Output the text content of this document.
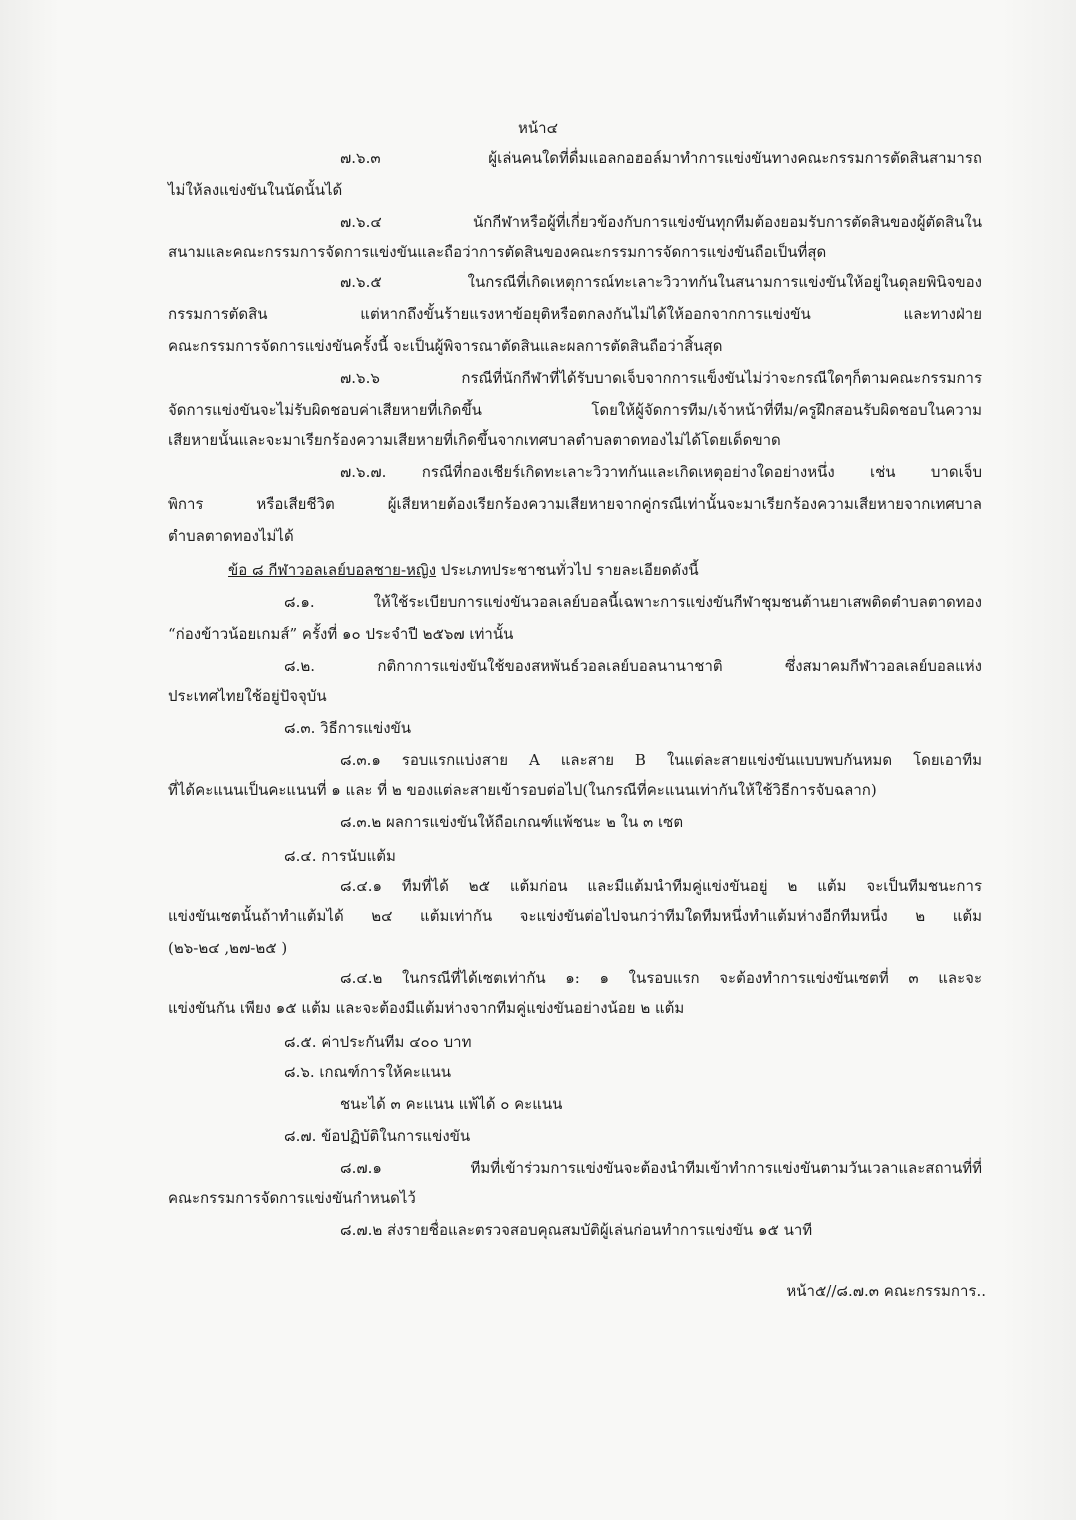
หน้า๔
๗.๖.๓ ผู้เล่นคนใดที่ดื่มแอลกอฮอล์มาทำการแข่งขันทางคณะกรรมการตัดสินสามารถ
ไม่ให้ลงแข่งขันในนัดนั้นได้
๗.๖.๔ นักกีฬาหรือผู้ที่เกี่ยวข้องกับการแข่งขันทุกทีมต้องยอมรับการตัดสินของผู้ตัดสินใน
สนามและคณะกรรมการจัดการแข่งขันและถือว่าการตัดสินของคณะกรรมการจัดการแข่งขันถือเป็นที่สุด
๗.๖.๕ ในกรณีที่เกิดเหตุการณ์ทะเลาะวิวาทกันในสนามการแข่งขันให้อยู่ในดุลยพินิจของ
กรรมการตัดสิน แต่หากถึงขั้นร้ายแรงหาข้อยุติหรือตกลงกันไม่ได้ให้ออกจากการแข่งขัน และทางฝ่าย
คณะกรรมการจัดการแข่งขันครั้งนี้ จะเป็นผู้พิจารณาตัดสินและผลการตัดสินถือว่าสิ้นสุด
๗.๖.๖ กรณีที่นักกีฬาที่ได้รับบาดเจ็บจากการแข็งขันไม่ว่าจะกรณีใดๆก็ตามคณะกรรมการ
จัดการแข่งขันจะไม่รับผิดชอบค่าเสียหายที่เกิดขึ้น โดยให้ผู้จัดการทีม/เจ้าหน้าที่ทีม/ครูฝึกสอนรับผิดชอบในความ
เสียหายนั้นและจะมาเรียกร้องความเสียหายที่เกิดขึ้นจากเทศบาลตำบลตาดทองไม่ได้โดยเด็ดขาด
๗.๖.๗. กรณีที่กองเชียร์เกิดทะเลาะวิวาทกันและเกิดเหตุอย่างใดอย่างหนึ่ง เช่น บาดเจ็บ
พิการ หรือเสียชีวิต ผู้เสียหายต้องเรียกร้องความเสียหายจากคู่กรณีเท่านั้นจะมาเรียกร้องความเสียหายจากเทศบาล
ตำบลตาดทองไม่ได้
ข้อ ๘ กีฬาวอลเลย์บอลชาย-หญิง ประเภทประชาชนทั่วไป รายละเอียดดังนี้
๘.๑. ให้ใช้ระเบียบการแข่งขันวอลเลย์บอลนี้เฉพาะการแข่งขันกีฬาชุมชนต้านยาเสพติดตำบลตาดทอง
“ก่องข้าวน้อยเกมส์” ครั้งที่ ๑๐ ประจำปี ๒๕๖๗ เท่านั้น
๘.๒. กติกาการแข่งขันใช้ของสหพันธ์วอลเลย์บอลนานาชาติ ซึ่งสมาคมกีฬาวอลเลย์บอลแห่ง
ประเทศไทยใช้อยู่ปัจจุบัน
๘.๓. วิธีการแข่งขัน
๘.๓.๑ รอบแรกแบ่งสาย A และสาย B ในแต่ละสายแข่งขันแบบพบกันหมด โดยเอาทีม
ที่ได้คะแนนเป็นคะแนนที่ ๑ และ ที่ ๒ ของแต่ละสายเข้ารอบต่อไป(ในกรณีที่คะแนนเท่ากันให้ใช้วิธีการจับฉลาก)
๘.๓.๒ ผลการแข่งขันให้ถือเกณฑ์แพ้ชนะ ๒ ใน ๓ เซต
๘.๔. การนับแต้ม
๘.๔.๑ ทีมที่ได้ ๒๕ แต้มก่อน และมีแต้มนำทีมคู่แข่งขันอยู่ ๒ แต้ม จะเป็นทีมชนะการ
แข่งขันเซตนั้นถ้าทำแต้มได้ ๒๔ แต้มเท่ากัน จะแข่งขันต่อไปจนกว่าทีมใดทีมหนึ่งทำแต้มห่างอีกทีมหนึ่ง ๒ แต้ม
(๒๖-๒๔ ,๒๗-๒๕ )
๘.๔.๒ ในกรณีที่ได้เซตเท่ากัน ๑: ๑ ในรอบแรก จะต้องทำการแข่งขันเซตที่ ๓ และจะ
แข่งขันกัน เพียง ๑๕ แต้ม และจะต้องมีแต้มห่างจากทีมคู่แข่งขันอย่างน้อย ๒ แต้ม
๘.๕. ค่าประกันทีม ๔๐๐ บาท
๘.๖. เกณฑ์การให้คะแนน
ชนะได้ ๓ คะแนน แพ้ได้ ๐ คะแนน
๘.๗. ข้อปฏิบัติในการแข่งขัน
๘.๗.๑ ทีมที่เข้าร่วมการแข่งขันจะต้องนำทีมเข้าทำการแข่งขันตามวันเวลาและสถานที่ที่
คณะกรรมการจัดการแข่งขันกำหนดไว้
๘.๗.๒ ส่งรายชื่อและตรวจสอบคุณสมบัติผู้เล่นก่อนทำการแข่งขัน ๑๕ นาที
หน้า๕//๘.๗.๓ คณะกรรมการ..
